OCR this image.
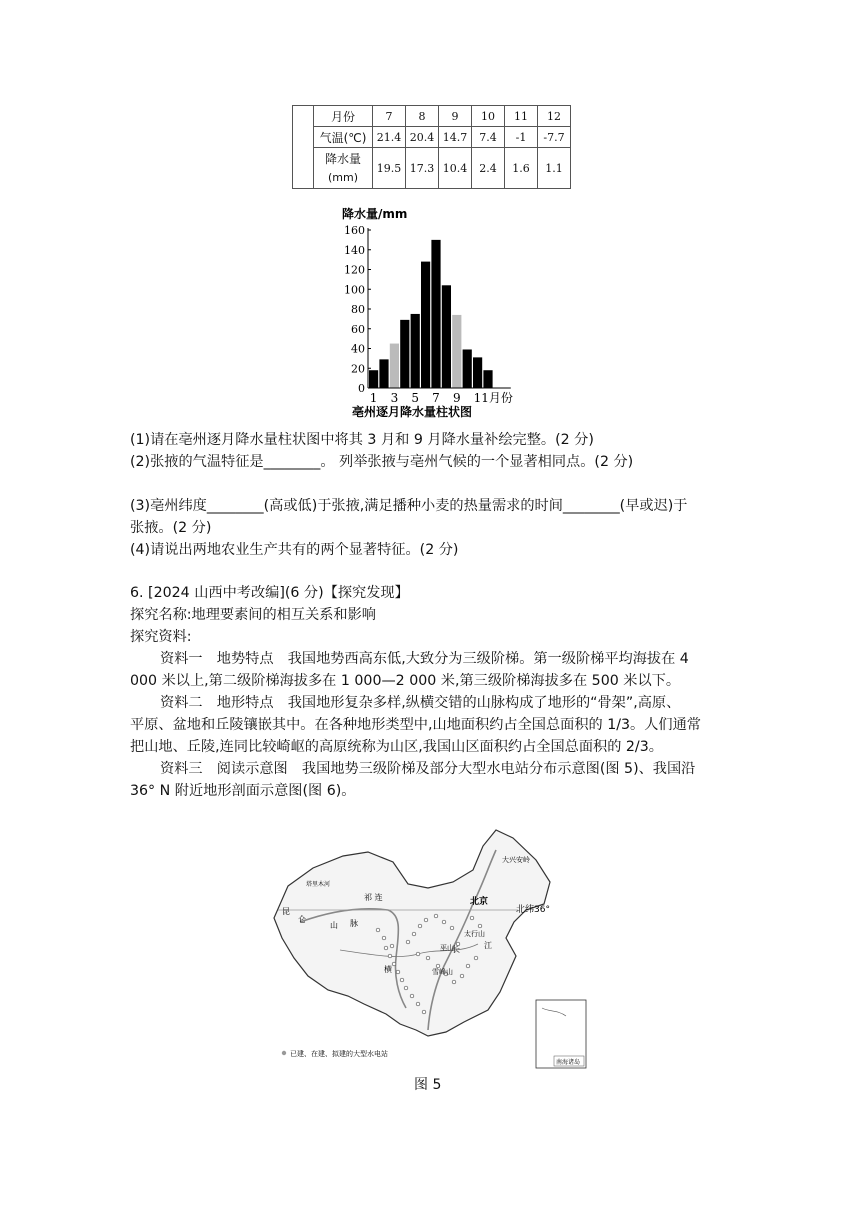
	月份	7	8	9	10	11	12
	气温(℃)	21.4	20.4	14.7	7.4	-1	-7.7
	降水量
(mm)	19.5	17.3	10.4	2.4	1.6	1.1
降水量/mm
0
20
40
60
80
100
120
140
160
1 3 5 7 9 11月份
亳州逐月降水量柱状图
(1)请在亳州逐月降水量柱状图中将其 3 月和 9 月降水量补绘完整。(2 分)
(2)张掖的气温特征是________。 列举张掖与亳州气候的一个显著相同点。(2 分)
(3)亳州纬度________(高或低)于张掖,满足播种小麦的热量需求的时间________(早或迟)于
张掖。(2 分)
(4)请说出两地农业生产共有的两个显著特征。(2 分)
6. [2024 山西中考改编](6 分)【探究发现】
探究名称:地理要素间的相互关系和影响
探究资料:
资料一　地势特点　我国地势西高东低,大致分为三级阶梯。第一级阶梯平均海拔在 4
000 米以上,第二级阶梯海拔多在 1 000—2 000 米,第三级阶梯海拔多在 500 米以下。
资料二　地形特点　我国地形复杂多样,纵横交错的山脉构成了地形的“骨架”,高原、
平原、盆地和丘陵镶嵌其中。在各种地形类型中,山地面积约占全国总面积的 1/3。人们通常
把山地、丘陵,连同比较崎岖的高原统称为山区,我国山区面积约占全国总面积的 2/3。
资料三　阅读示意图　我国地势三级阶梯及部分大型水电站分布示意图(图 5)、我国沿
36° N 附近地形剖面示意图(图 6)。
昆
仑
山 脉
祁 连
塔里木河
北京
北纬36°
大兴安岭
太行山
巫山
雪峰山
长	江
横
已建、在建、拟建的大型水电站
南海诸岛
图 5
